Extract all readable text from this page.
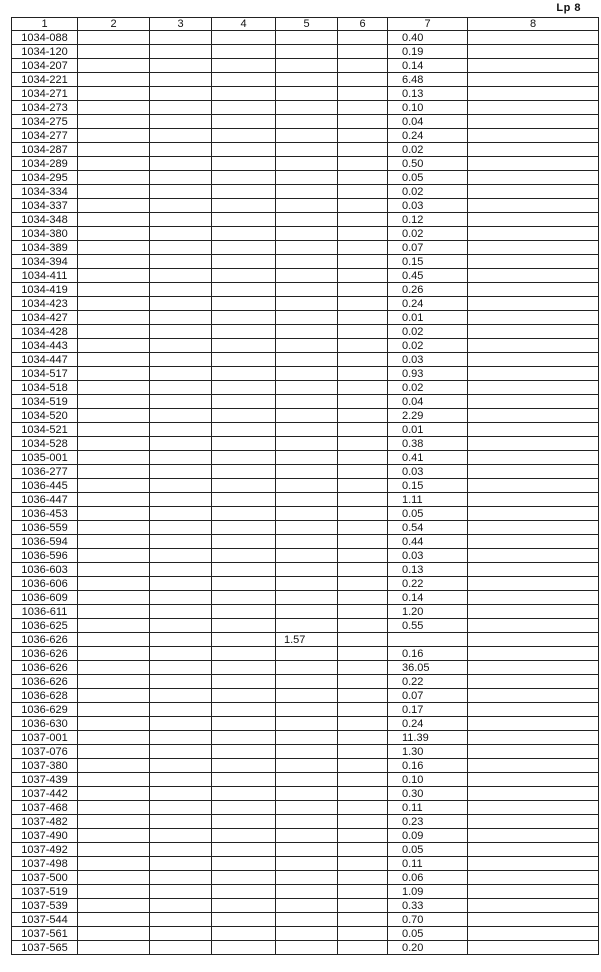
Lp 8
1	2	3	4	5	6	7	8
1034-088						0.40	
1034-120						0.19	
1034-207						0.14	
1034-221						6.48	
1034-271						0.13	
1034-273						0.10	
1034-275						0.04	
1034-277						0.24	
1034-287						0.02	
1034-289						0.50	
1034-295						0.05	
1034-334						0.02	
1034-337						0.03	
1034-348						0.12	
1034-380						0.02	
1034-389						0.07	
1034-394						0.15	
1034-411						0.45	
1034-419						0.26	
1034-423						0.24	
1034-427						0.01	
1034-428						0.02	
1034-443						0.02	
1034-447						0.03	
1034-517						0.93	
1034-518						0.02	
1034-519						0.04	
1034-520						2.29	
1034-521						0.01	
1034-528						0.38	
1035-001						0.41	
1036-277						0.03	
1036-445						0.15	
1036-447						1.11	
1036-453						0.05	
1036-559						0.54	
1036-594						0.44	
1036-596						0.03	
1036-603						0.13	
1036-606						0.22	
1036-609						0.14	
1036-611						1.20	
1036-625						0.55	
1036-626				1.57			
1036-626						0.16	
1036-626						36.05	
1036-626						0.22	
1036-628						0.07	
1036-629						0.17	
1036-630						0.24	
1037-001						11.39	
1037-076						1.30	
1037-380						0.16	
1037-439						0.10	
1037-442						0.30	
1037-468						0.11	
1037-482						0.23	
1037-490						0.09	
1037-492						0.05	
1037-498						0.11	
1037-500						0.06	
1037-519						1.09	
1037-539						0.33	
1037-544						0.70	
1037-561						0.05	
1037-565						0.20	
